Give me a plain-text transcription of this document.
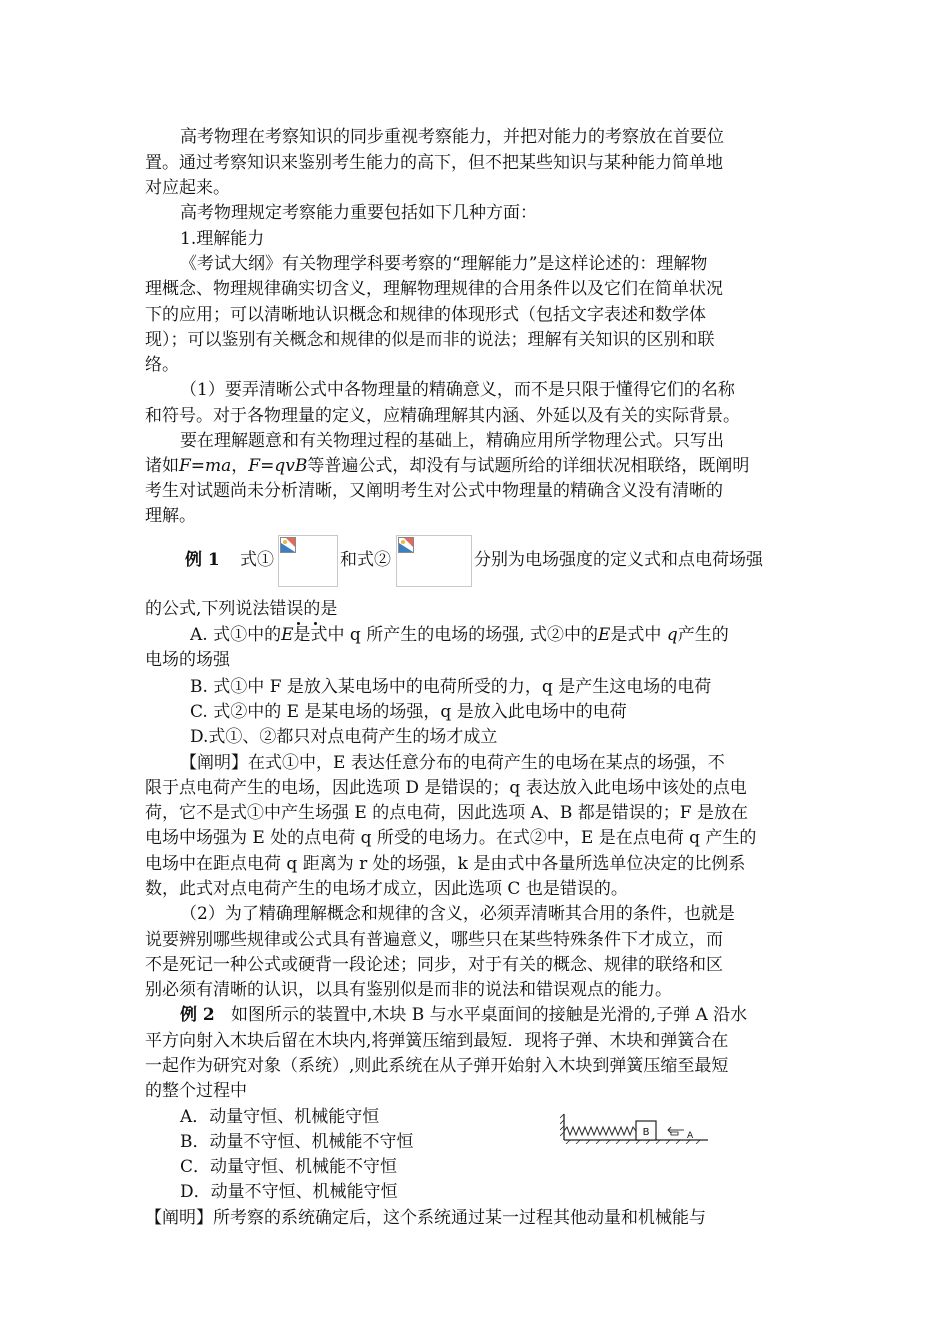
高考物理在考察知识的同步重视考察能力，并把对能力的考察放在首要位
置。通过考察知识来鉴别考生能力的高下，但不把某些知识与某种能力简单地
对应起来。
高考物理规定考察能力重要包括如下几种方面：
1.理解能力
《考试大纲》有关物理学科要考察的“理解能力”是这样论述的：理解物
理概念、物理规律确实切含义，理解物理规律的合用条件以及它们在简单状况
下的应用；可以清晰地认识概念和规律的体现形式（包括文字表述和数学体
现）；可以鉴别有关概念和规律的似是而非的说法；理解有关知识的区别和联
络。
（1）要弄清晰公式中各物理量的精确意义，而不是只限于懂得它们的名称
和符号。对于各物理量的定义，应精确理解其内涵、外延以及有关的实际背景。
要在理解题意和有关物理过程的基础上，精确应用所学物理公式。只写出
诸如F=ma，F=qvB等普遍公式，却没有与试题所给的详细状况相联络，既阐明
考生对试题尚未分析清晰，又阐明考生对公式中物理量的精确含义没有清晰的
理解。
例 1 式①	和式②	分别为电场强度的定义式和点电荷场强
的公式,下列说法错误的是
A. 式①中的E是式中 q 所产生的电场的场强, 式②中的E是式中 q产生的
电场的场强
B. 式①中 F 是放入某电场中的电荷所受的力，q 是产生这电场的电荷
C. 式②中的 E 是某电场的场强，q 是放入此电场中的电荷
D.式①、②都只对点电荷产生的场才成立
【阐明】在式①中，E 表达任意分布的电荷产生的电场在某点的场强，不
限于点电荷产生的电场，因此选项 D 是错误的；q 表达放入此电场中该处的点电
荷，它不是式①中产生场强 E 的点电荷，因此选项 A、B 都是错误的；F 是放在
电场中场强为 E 处的点电荷 q 所受的电场力。在式②中，E 是在点电荷 q 产生的
电场中在距点电荷 q 距离为 r 处的场强，k 是由式中各量所选单位决定的比例系
数，此式对点电荷产生的电场才成立，因此选项 C 也是错误的。
（2）为了精确理解概念和规律的含义，必须弄清晰其合用的条件，也就是
说要辨别哪些规律或公式具有普遍意义，哪些只在某些特殊条件下才成立，而
不是死记一种公式或硬背一段论述；同步，对于有关的概念、规律的联络和区
别必须有清晰的认识，以具有鉴别似是而非的说法和错误观点的能力。
例 2 如图所示的装置中,木块 B 与水平桌面间的接触是光滑的,子弹 A 沿水
平方向射入木块后留在木块内,将弹簧压缩到最短．现将子弹、木块和弹簧合在
一起作为研究对象（系统）,则此系统在从子弹开始射入木块到弹簧压缩至最短
的整个过程中
A．动量守恒、机械能守恒
B．动量不守恒、机械能不守恒
C．动量守恒、机械能不守恒
D．动量不守恒、机械能守恒
B	A
【阐明】所考察的系统确定后，这个系统通过某一过程其他动量和机械能与
